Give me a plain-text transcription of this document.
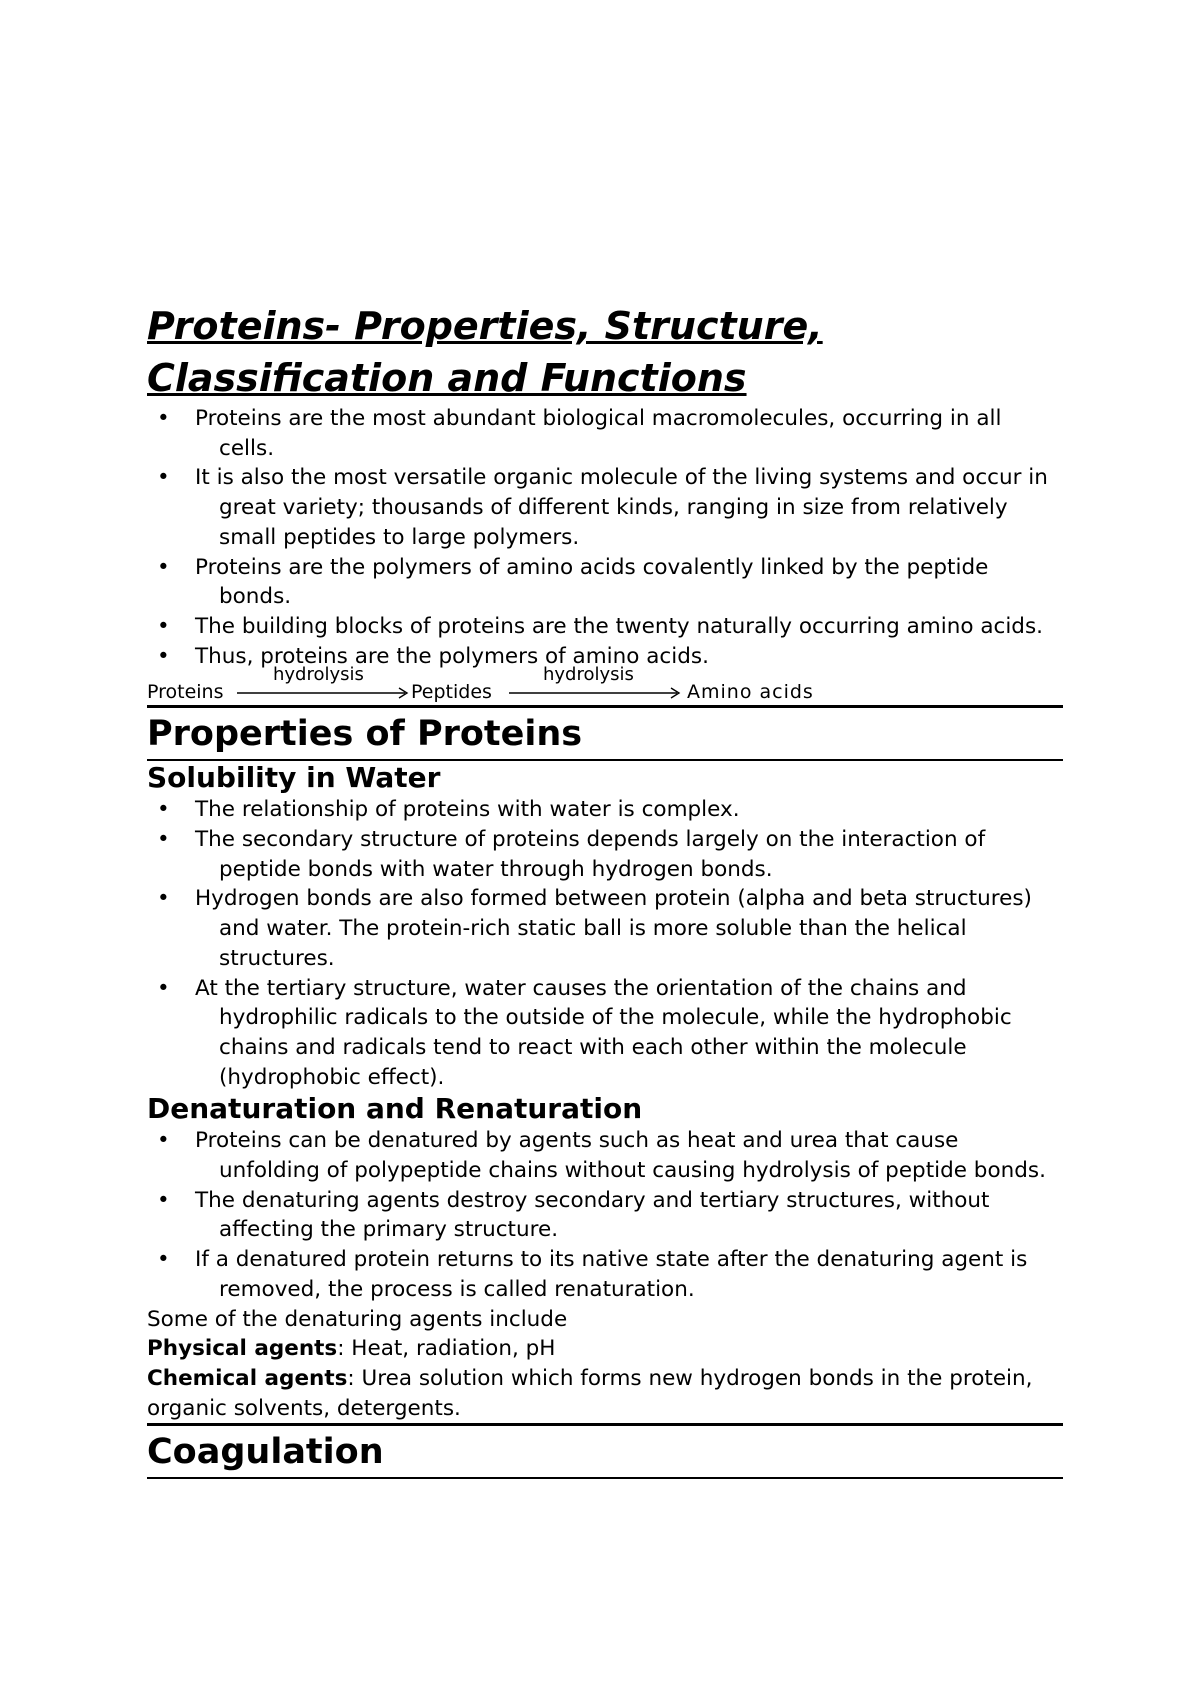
Proteins- Properties, Structure, Classification and Functions
• Proteins are the most abundant biological macromolecules, occurring in all cells.
• It is also the most versatile organic molecule of the living systems and occur in great variety; thousands of different kinds, ranging in size from relatively small peptides to large polymers.
• Proteins are the polymers of amino acids covalently linked by the peptide bonds.
• The building blocks of proteins are the twenty naturally occurring amino acids.
• Thus, proteins are the polymers of amino acids.
Proteins
hydrolysis
Peptides
hydrolysis
Amino acids
Properties of Proteins
Solubility in Water
• The relationship of proteins with water is complex.
• The secondary structure of proteins depends largely on the interaction of peptide bonds with water through hydrogen bonds.
• Hydrogen bonds are also formed between protein (alpha and beta structures) and water. The protein-rich static ball is more soluble than the helical structures.
• At the tertiary structure, water causes the orientation of the chains and hydrophilic radicals to the outside of the molecule, while the hydrophobic chains and radicals tend to react with each other within the molecule (hydrophobic effect).
Denaturation and Renaturation
• Proteins can be denatured by agents such as heat and urea that cause unfolding of polypeptide chains without causing hydrolysis of peptide bonds.
• The denaturing agents destroy secondary and tertiary structures, without affecting the primary structure.
• If a denatured protein returns to its native state after the denaturing agent is removed, the process is called renaturation.

Some of the denaturing agents include

Physical agents: Heat, radiation, pH

Chemical agents: Urea solution which forms new hydrogen bonds in the protein, organic solvents, detergents.

Coagulation
